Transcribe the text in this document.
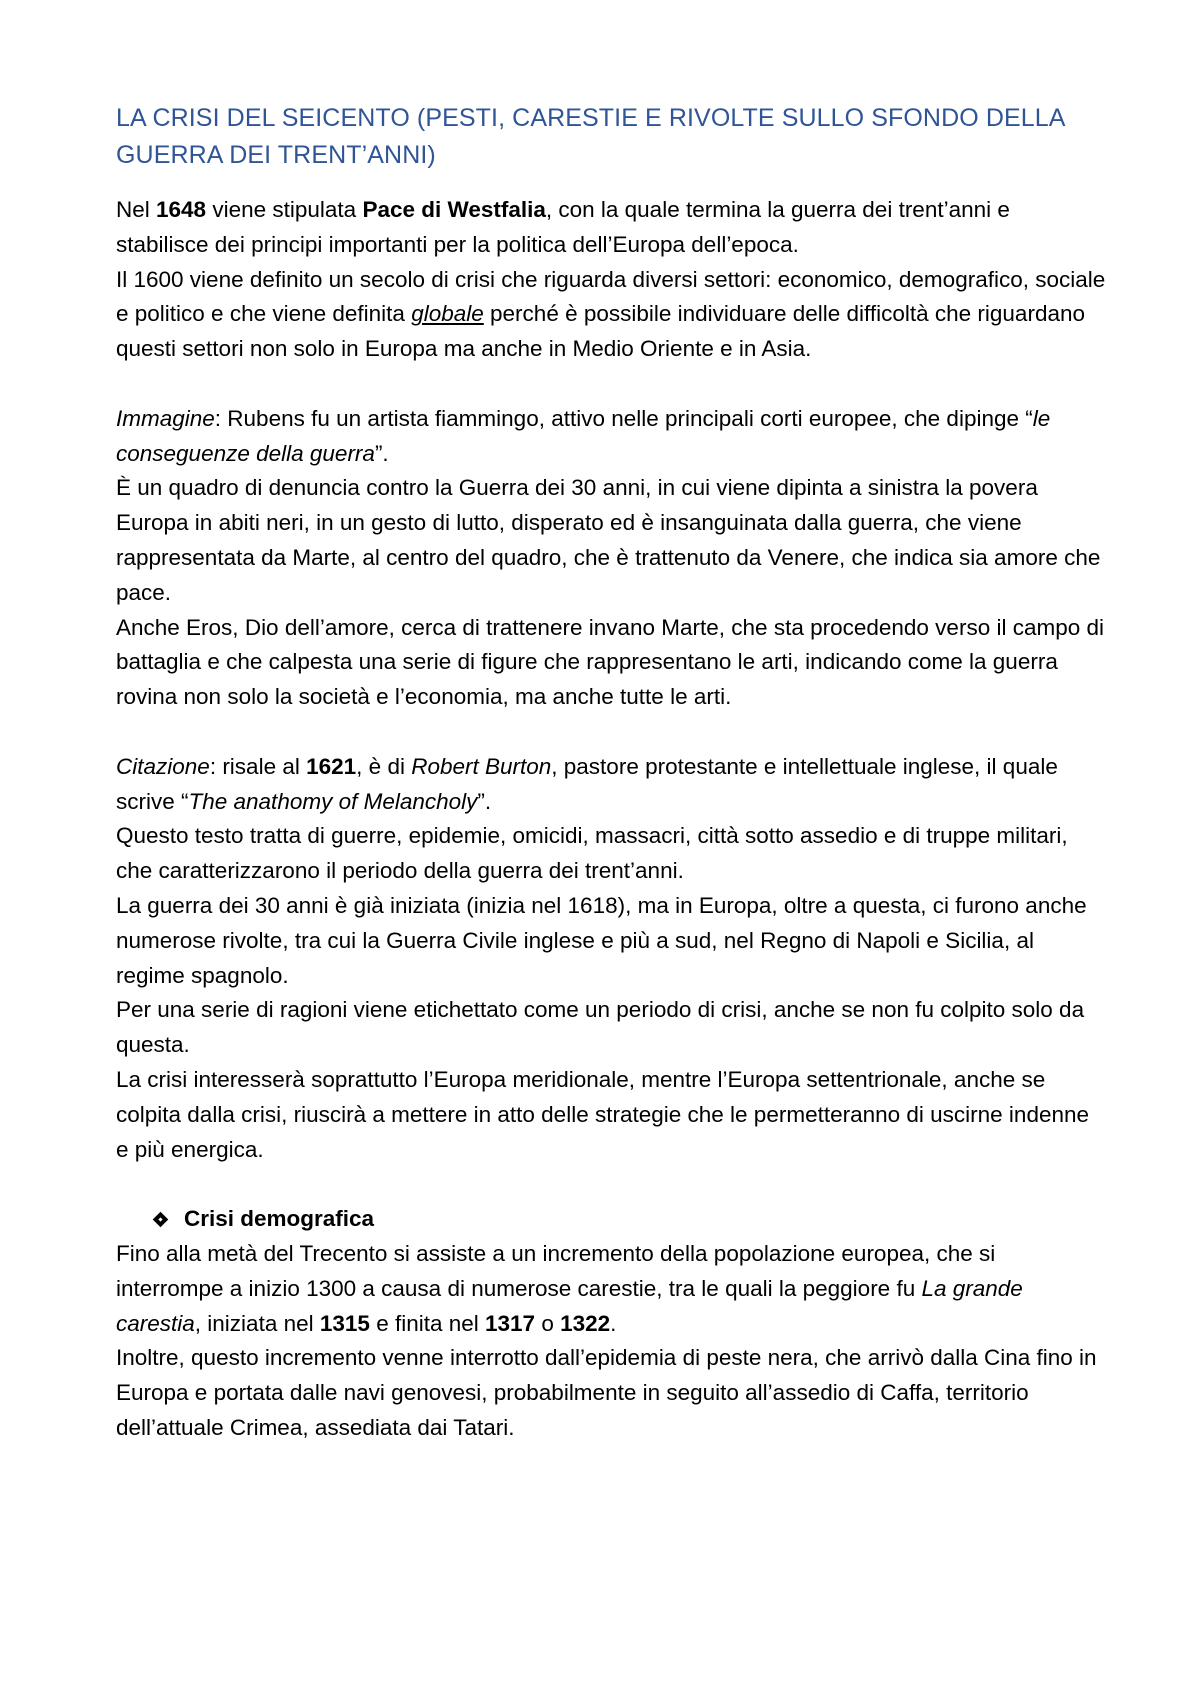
LA CRISI DEL SEICENTO (PESTI, CARESTIE E RIVOLTE SULLO SFONDO DELLA GUERRA DEI TRENT’ANNI)

Nel 1648 viene stipulata Pace di Westfalia, con la quale termina la guerra dei trent’anni e stabilisce dei principi importanti per la politica dell’Europa dell’epoca.

Il 1600 viene definito un secolo di crisi che riguarda diversi settori: economico, demografico, sociale e politico e che viene definita globale perché è possibile individuare delle difficoltà che riguardano questi settori non solo in Europa ma anche in Medio Oriente e in Asia.

Immagine: Rubens fu un artista fiammingo, attivo nelle principali corti europee, che dipinge “le conseguenze della guerra”.

È un quadro di denuncia contro la Guerra dei 30 anni, in cui viene dipinta a sinistra la povera Europa in abiti neri, in un gesto di lutto, disperato ed è insanguinata dalla guerra, che viene rappresentata da Marte, al centro del quadro, che è trattenuto da Venere, che indica sia amore che pace.

Anche Eros, Dio dell’amore, cerca di trattenere invano Marte, che sta procedendo verso il campo di battaglia e che calpesta una serie di figure che rappresentano le arti, indicando come la guerra rovina non solo la società e l’economia, ma anche tutte le arti.

Citazione: risale al 1621, è di Robert Burton, pastore protestante e intellettuale inglese, il quale scrive “The anathomy of Melancholy”.

Questo testo tratta di guerre, epidemie, omicidi, massacri, città sotto assedio e di truppe militari, che caratterizzarono il periodo della guerra dei trent’anni.

La guerra dei 30 anni è già iniziata (inizia nel 1618), ma in Europa, oltre a questa, ci furono anche numerose rivolte, tra cui la Guerra Civile inglese e più a sud, nel Regno di Napoli e Sicilia, al regime spagnolo.

Per una serie di ragioni viene etichettato come un periodo di crisi, anche se non fu colpito solo da questa.

La crisi interesserà soprattutto l’Europa meridionale, mentre l’Europa settentrionale, anche se colpita dalla crisi, riuscirà a mettere in atto delle strategie che le permetteranno di uscirne indenne e più energica.

Crisi demografica

Fino alla metà del Trecento si assiste a un incremento della popolazione europea, che si interrompe a inizio 1300 a causa di numerose carestie, tra le quali la peggiore fu La grande carestia, iniziata nel 1315 e finita nel 1317 o 1322.

Inoltre, questo incremento venne interrotto dall’epidemia di peste nera, che arrivò dalla Cina fino in Europa e portata dalle navi genovesi, probabilmente in seguito all’assedio di Caffa, territorio dell’attuale Crimea, assediata dai Tatari.
